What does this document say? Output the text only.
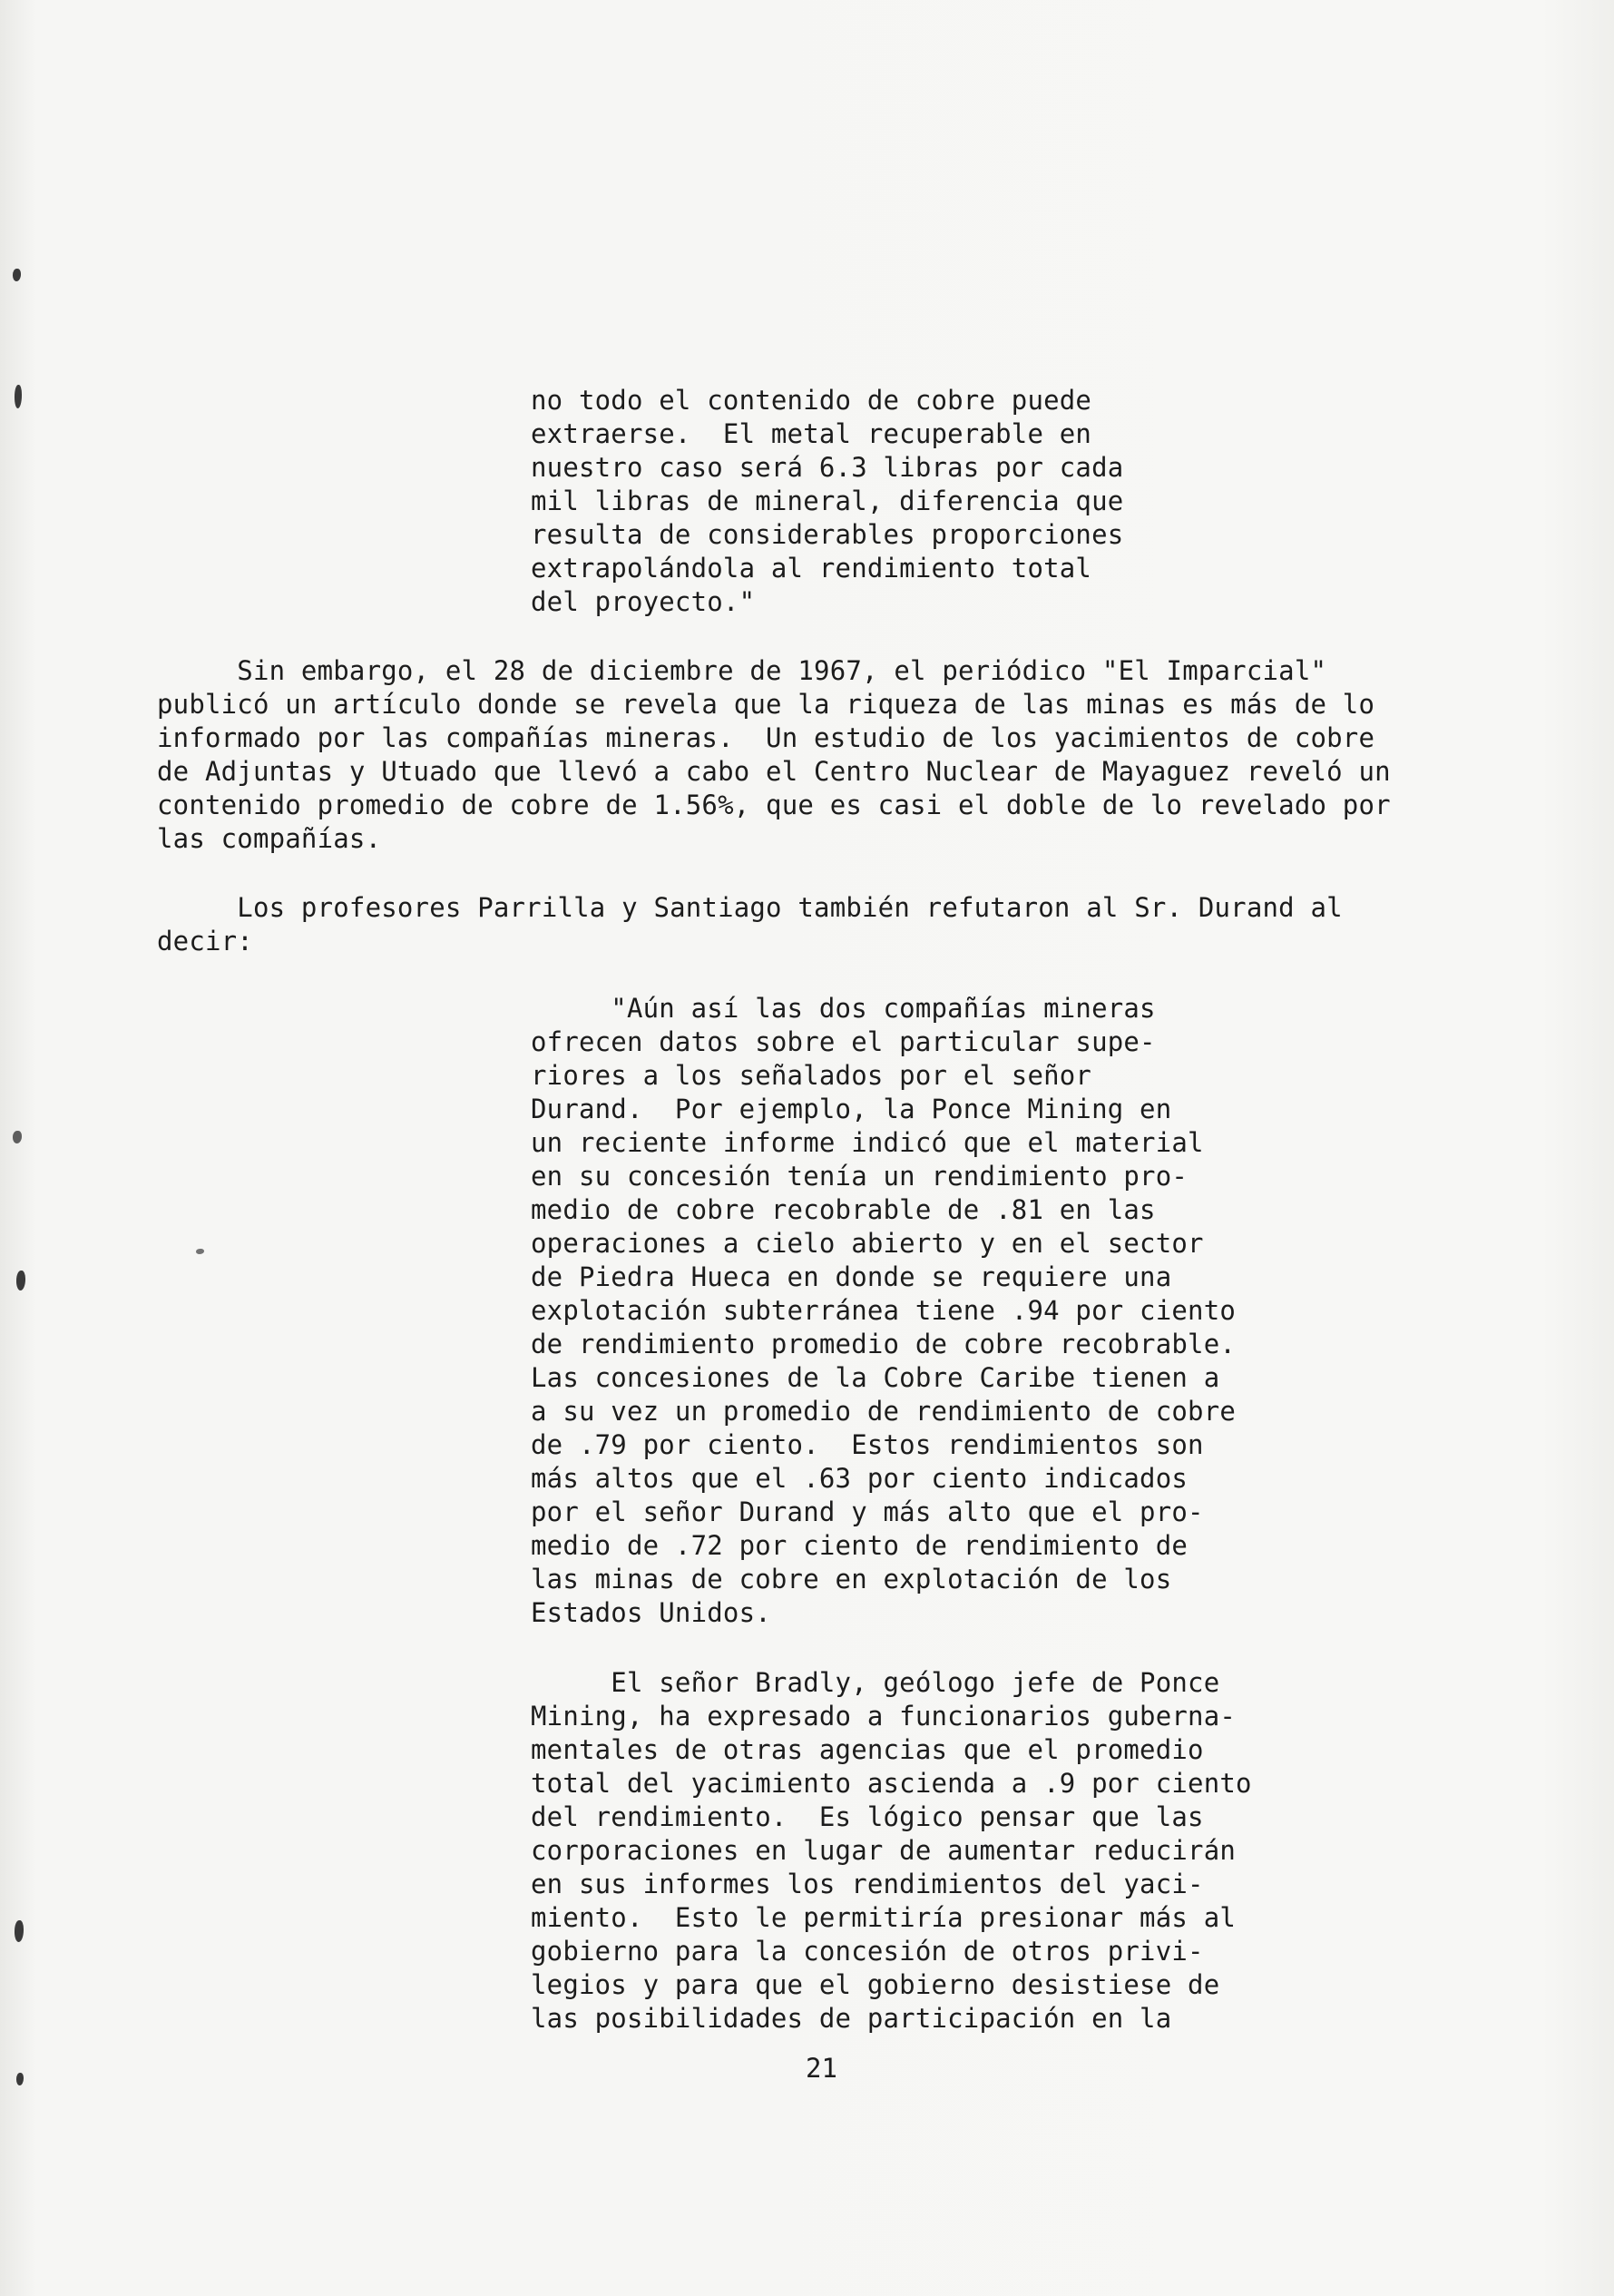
no todo el contenido de cobre puede
extraerse.  El metal recuperable en
nuestro caso será 6.3 libras por cada
mil libras de mineral, diferencia que
resulta de considerables proporciones
extrapolándola al rendimiento total
del proyecto."
Sin embargo, el 28 de diciembre de 1967, el periódico "El Imparcial"
publicó un artículo donde se revela que la riqueza de las minas es más de lo
informado por las compañías mineras.  Un estudio de los yacimientos de cobre
de Adjuntas y Utuado que llevó a cabo el Centro Nuclear de Mayaguez reveló un
contenido promedio de cobre de 1.56%, que es casi el doble de lo revelado por
las compañías.
Los profesores Parrilla y Santiago también refutaron al Sr. Durand al
decir:
"Aún así las dos compañías mineras
ofrecen datos sobre el particular supe-
riores a los señalados por el señor
Durand.  Por ejemplo, la Ponce Mining en
un reciente informe indicó que el material
en su concesión tenía un rendimiento pro-
medio de cobre recobrable de .81 en las
operaciones a cielo abierto y en el sector
de Piedra Hueca en donde se requiere una
explotación subterránea tiene .94 por ciento
de rendimiento promedio de cobre recobrable.
Las concesiones de la Cobre Caribe tienen a
a su vez un promedio de rendimiento de cobre
de .79 por ciento.  Estos rendimientos son
más altos que el .63 por ciento indicados
por el señor Durand y más alto que el pro-
medio de .72 por ciento de rendimiento de
las minas de cobre en explotación de los
Estados Unidos.
El señor Bradly, geólogo jefe de Ponce
Mining, ha expresado a funcionarios guberna-
mentales de otras agencias que el promedio
total del yacimiento ascienda a .9 por ciento
del rendimiento.  Es lógico pensar que las
corporaciones en lugar de aumentar reducirán
en sus informes los rendimientos del yaci-
miento.  Esto le permitiría presionar más al
gobierno para la concesión de otros privi-
legios y para que el gobierno desistiese de
las posibilidades de participación en la
21
